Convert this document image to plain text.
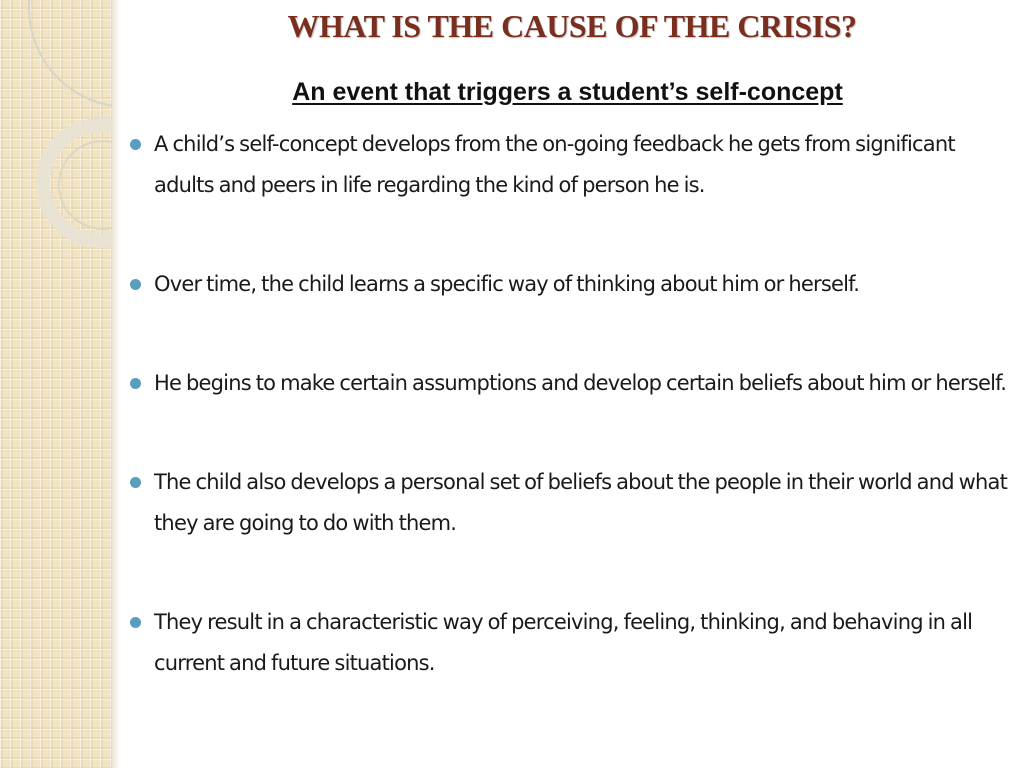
WHAT IS THE CAUSE OF THE CRISIS?
An event that triggers a student’s self-concept
A child’s self-concept develops from the on-going feedback he gets from significant adults and peers in life regarding the kind of person he is.
Over time, the child learns a specific way of thinking about him or herself.
He begins to make certain assumptions and develop certain beliefs about him or herself.
The child also develops a personal set of beliefs about the people in their world and what they are going to do with them.
They result in a characteristic way of perceiving, feeling, thinking, and behaving in all current and future situations.
